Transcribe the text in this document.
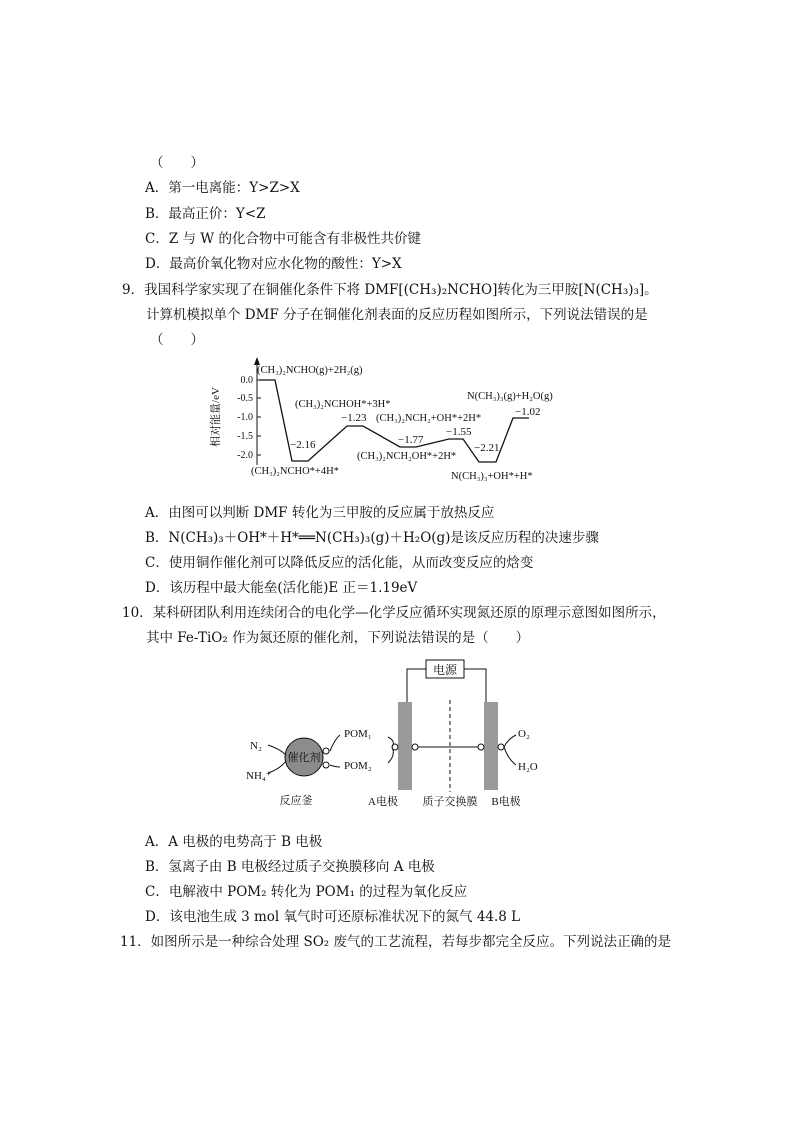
（　　）
A．第一电离能：Y>Z>X
B．最高正价：Y<Z
C．Z 与 W 的化合物中可能含有非极性共价键
D．最高价氧化物对应水化物的酸性：Y>X
9．我国科学家实现了在铜催化条件下将 DMF[(CH₃)₂NCHO]转化为三甲胺[N(CH₃)₃]。
计算机模拟单个 DMF 分子在铜催化剂表面的反应历程如图所示，下列说法错误的是
（　　）
相对能量/eV
0.0
-0.5
-1.0
-1.5
-2.0
−2.16
−1.23
−1.77
−1.55
−2.21
−1.02
(CH₃)₂NCHO(g)+2H₂(g)
(CH₃)₂NCHO*+4H*
(CH₃)₂NCHOH*+3H*
(CH₃)₂NCH₂+OH*+2H*
(CH₃)₂NCH₂OH*+2H*
N(CH₃)₃(g)+H₂O(g)
N(CH₃)₃+OH*+H*
A．由图可以判断 DMF 转化为三甲胺的反应属于放热反应
B．N(CH₃)₃＋OH*＋H*══N(CH₃)₃(g)＋H₂O(g)是该反应历程的决速步骤
C．使用铜作催化剂可以降低反应的活化能，从而改变反应的焓变
D．该历程中最大能垒(活化能)E 正＝1.19eV
10．某科研团队利用连续闭合的电化学—化学反应循环实现氮还原的原理示意图如图所示，
其中 Fe-TiO₂ 作为氮还原的催化剂，下列说法错误的是（　　）
电源
催化剂
N₂
NH₄⁺
POM₁
POM₂
O₂
H₂O
反应釜	A电极 质子交换膜 B电极
A．A 电极的电势高于 B 电极
B．氢离子由 B 电极经过质子交换膜移向 A 电极
C．电解液中 POM₂ 转化为 POM₁ 的过程为氧化反应
D．该电池生成 3 mol 氧气时可还原标准状况下的氮气 44.8 L
11．如图所示是一种综合处理 SO₂ 废气的工艺流程，若每步都完全反应。下列说法正确的是
